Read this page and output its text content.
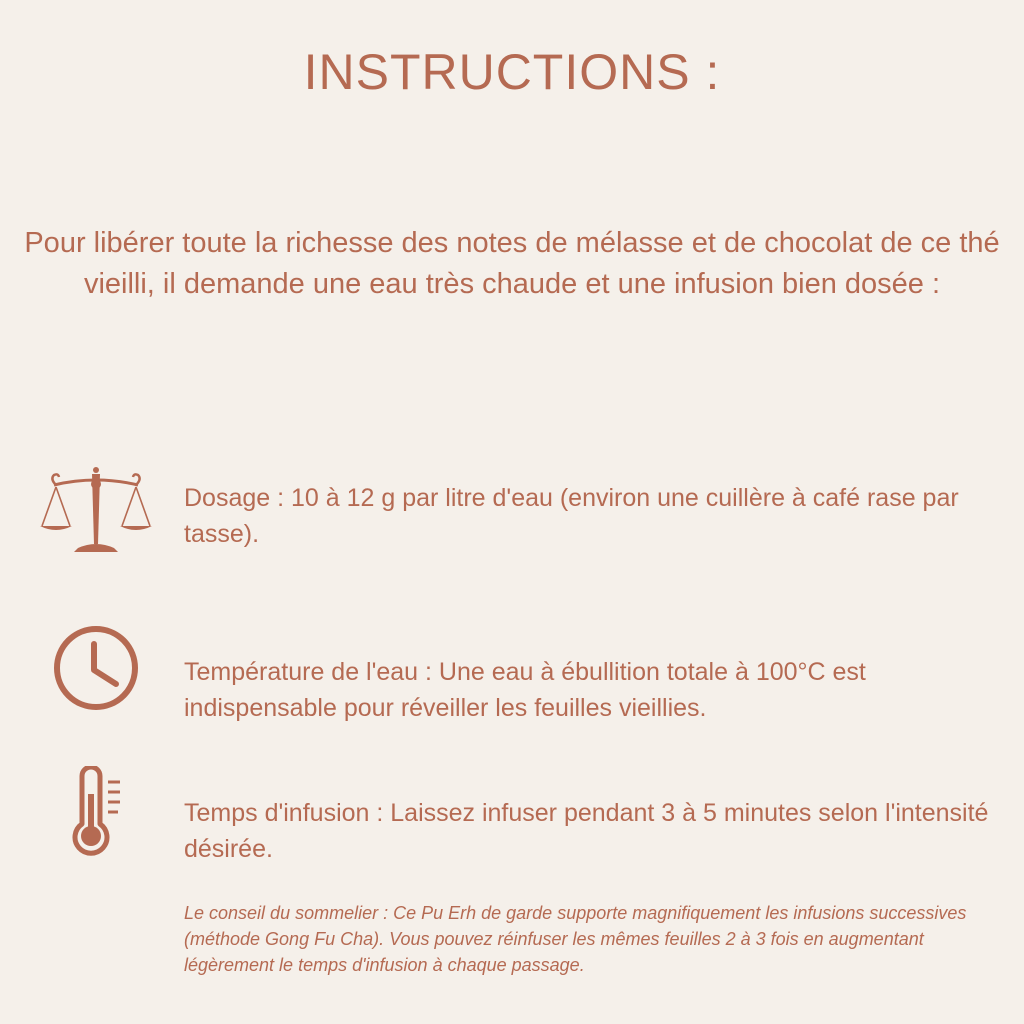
INSTRUCTIONS :

Pour libérer toute la richesse des notes de mélasse et de chocolat de ce thé vieilli, il demande une eau très chaude et une infusion bien dosée :

Dosage : 10 à 12 g par litre d'eau (environ une cuillère à café rase par tasse).

Température de l'eau : Une eau à ébullition totale à 100°C est indispensable pour réveiller les feuilles vieillies.

Temps d'infusion : Laissez infuser pendant 3 à 5 minutes selon l'intensité désirée.

Le conseil du sommelier : Ce Pu Erh de garde supporte magnifiquement les infusions successives (méthode Gong Fu Cha). Vous pouvez réinfuser les mêmes feuilles 2 à 3 fois en augmentant légèrement le temps d'infusion à chaque passage.
